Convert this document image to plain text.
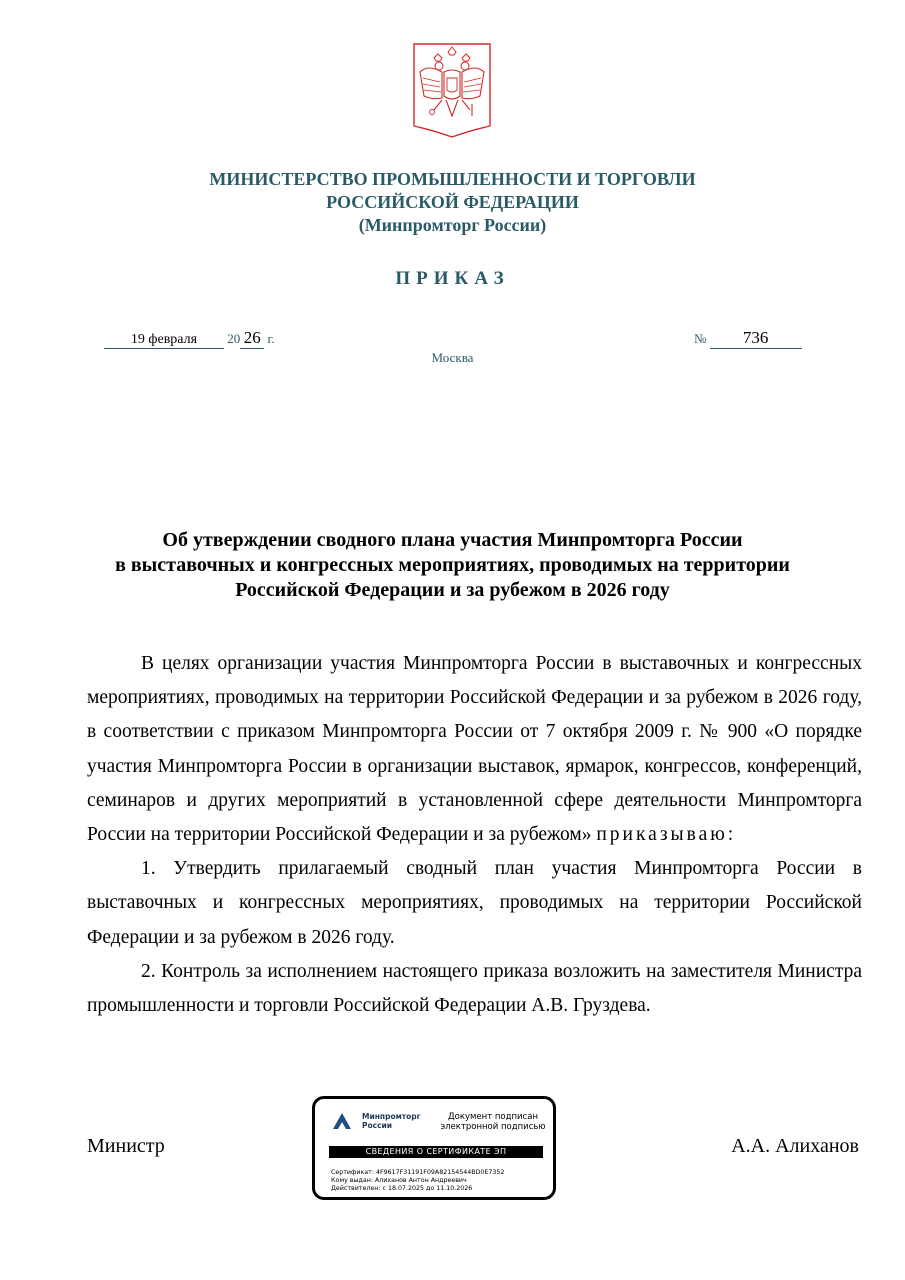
МИНИСТЕРСТВО ПРОМЫШЛЕННОСТИ И ТОРГОВЛИ
РОССИЙСКОЙ ФЕДЕРАЦИИ
(Минпромторг России)
ПРИКАЗ
19 февраля 20 26 г.	№ 736
Москва
Об утверждении сводного плана участия Минпромторга России
в выставочных и конгрессных мероприятиях, проводимых на территории
Российской Федерации и за рубежом в 2026 году

В целях организации участия Минпромторга России в выставочных и конгрессных мероприятиях, проводимых на территории Российской Федерации и за рубежом в 2026 году, в соответствии с приказом Минпромторга России от 7 октября 2009 г. № 900 «О порядке участия Минпромторга России в организации выставок, ярмарок, конгрессов, конференций, семинаров и других мероприятий в установленной сфере деятельности Минпромторга России на территории Российской Федерации и за рубежом» приказываю:

1. Утвердить прилагаемый сводный план участия Минпромторга России в выставочных и конгрессных мероприятиях, проводимых на территории Российской Федерации и за рубежом в 2026 году.

2. Контроль за исполнением настоящего приказа возложить на заместителя Министра промышленности и торговли Российской Федерации А.В. Груздева.

Министр	А.А. Алиханов
Минпромторг
России
Документ подписан
электронной подписью
СВЕДЕНИЯ О СЕРТИФИКАТЕ ЭП
Сертификат: 4F9617F31191F09A82154544BD0E7352
Кому выдан: Алиханов Антон Андреевич
Действителен: с 18.07.2025 до 11.10.2026
